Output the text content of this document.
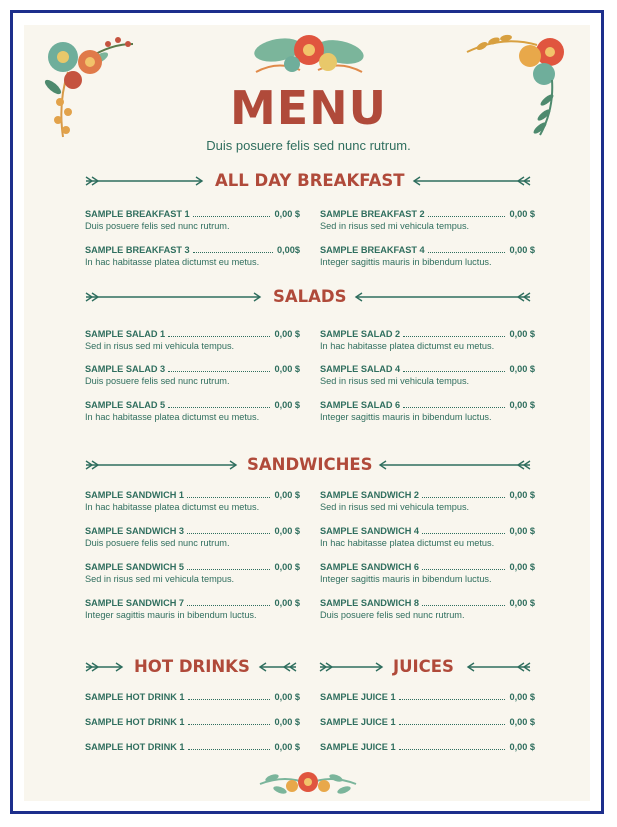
MENU
Duis posuere felis sed nunc rutrum.
ALL DAY BREAKFAST
SAMPLE BREAKFAST 1	0,00 $
Duis posuere felis sed nunc rutrum.
SAMPLE BREAKFAST 2	0,00 $
Sed in risus sed mi vehicula tempus.
SAMPLE BREAKFAST 3	0,00$
In hac habitasse platea dictumst eu metus.
SAMPLE BREAKFAST 4	0,00 $
Integer sagittis mauris in bibendum luctus.
SALADS
SAMPLE SALAD 1	0,00 $
Sed in risus sed mi vehicula tempus.
SAMPLE SALAD 2	0,00 $
In hac habitasse platea dictumst eu metus.
SAMPLE SALAD 3	0,00 $
Duis posuere felis sed nunc rutrum.
SAMPLE SALAD 4	0,00 $
Sed in risus sed mi vehicula tempus.
SAMPLE SALAD 5	0,00 $
In hac habitasse platea dictumst eu metus.
SAMPLE SALAD 6	0,00 $
Integer sagittis mauris in bibendum luctus.
SANDWICHES
SAMPLE SANDWICH 1	0,00 $
In hac habitasse platea dictumst eu metus.
SAMPLE SANDWICH 2	0,00 $
Sed in risus sed mi vehicula tempus.
SAMPLE SANDWICH 3	0,00 $
Duis posuere felis sed nunc rutrum.
SAMPLE SANDWICH 4	0,00 $
In hac habitasse platea dictumst eu metus.
SAMPLE SANDWICH 5	0,00 $
Sed in risus sed mi vehicula tempus.
SAMPLE SANDWICH 6	0,00 $
Integer sagittis mauris in bibendum luctus.
SAMPLE SANDWICH 7	0,00 $
Integer sagittis mauris in bibendum luctus.
SAMPLE SANDWICH 8	0,00 $
Duis posuere felis sed nunc rutrum.
HOT DRINKS	JUICES
SAMPLE HOT DRINK 1	0,00 $
SAMPLE HOT DRINK 1	0,00 $
SAMPLE HOT DRINK 1	0,00 $
SAMPLE JUICE 1	0,00 $
SAMPLE JUICE 1	0,00 $
SAMPLE JUICE 1	0,00 $
